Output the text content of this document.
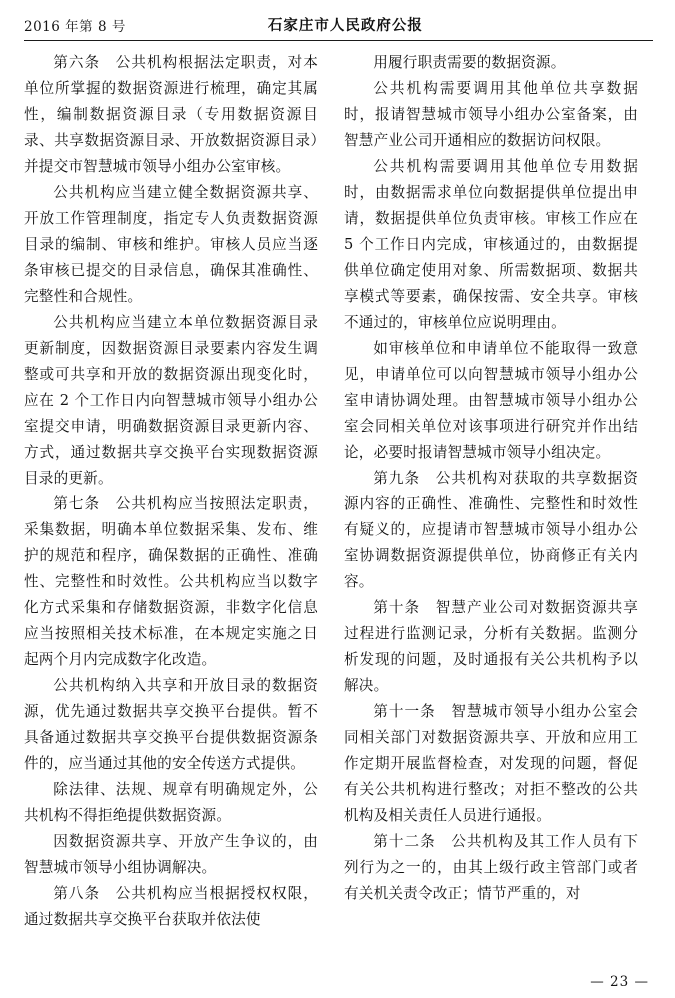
2016 年第 8 号	石家庄市人民政府公报

第六条　公共机构根据法定职责，对本单位所掌握的数据资源进行梳理，确定其属性，编制数据资源目录（专用数据资源目录、共享数据资源目录、开放数据资源目录）并提交市智慧城市领导小组办公室审核。

公共机构应当建立健全数据资源共享、开放工作管理制度，指定专人负责数据资源目录的编制、审核和维护。审核人员应当逐条审核已提交的目录信息，确保其准确性、完整性和合规性。

公共机构应当建立本单位数据资源目录更新制度，因数据资源目录要素内容发生调整或可共享和开放的数据资源出现变化时，应在 2 个工作日内向智慧城市领导小组办公室提交申请，明确数据资源目录更新内容、方式，通过数据共享交换平台实现数据资源目录的更新。

第七条　公共机构应当按照法定职责，采集数据，明确本单位数据采集、发布、维护的规范和程序，确保数据的正确性、准确性、完整性和时效性。公共机构应当以数字化方式采集和存储数据资源，非数字化信息应当按照相关技术标准，在本规定实施之日起两个月内完成数字化改造。

公共机构纳入共享和开放目录的数据资源，优先通过数据共享交换平台提供。暂不具备通过数据共享交换平台提供数据资源条件的，应当通过其他的安全传送方式提供。

除法律、法规、规章有明确规定外，公共机构不得拒绝提供数据资源。

因数据资源共享、开放产生争议的，由智慧城市领导小组协调解决。

第八条　公共机构应当根据授权权限，通过数据共享交换平台获取并依法使

用履行职责需要的数据资源。

公共机构需要调用其他单位共享数据时，报请智慧城市领导小组办公室备案，由智慧产业公司开通相应的数据访问权限。

公共机构需要调用其他单位专用数据时，由数据需求单位向数据提供单位提出申请，数据提供单位负责审核。审核工作应在 5 个工作日内完成，审核通过的，由数据提供单位确定使用对象、所需数据项、数据共享模式等要素，确保按需、安全共享。审核不通过的，审核单位应说明理由。

如审核单位和申请单位不能取得一致意见，申请单位可以向智慧城市领导小组办公室申请协调处理。由智慧城市领导小组办公室会同相关单位对该事项进行研究并作出结论，必要时报请智慧城市领导小组决定。

第九条　公共机构对获取的共享数据资源内容的正确性、准确性、完整性和时效性有疑义的，应提请市智慧城市领导小组办公室协调数据资源提供单位，协商修正有关内容。

第十条　智慧产业公司对数据资源共享过程进行监测记录，分析有关数据。监测分析发现的问题，及时通报有关公共机构予以解决。

第十一条　智慧城市领导小组办公室会同相关部门对数据资源共享、开放和应用工作定期开展监督检查，对发现的问题，督促有关公共机构进行整改；对拒不整改的公共机构及相关责任人员进行通报。

第十二条　公共机构及其工作人员有下列行为之一的，由其上级行政主管部门或者有关机关责令改正；情节严重的，对

— 23 —
